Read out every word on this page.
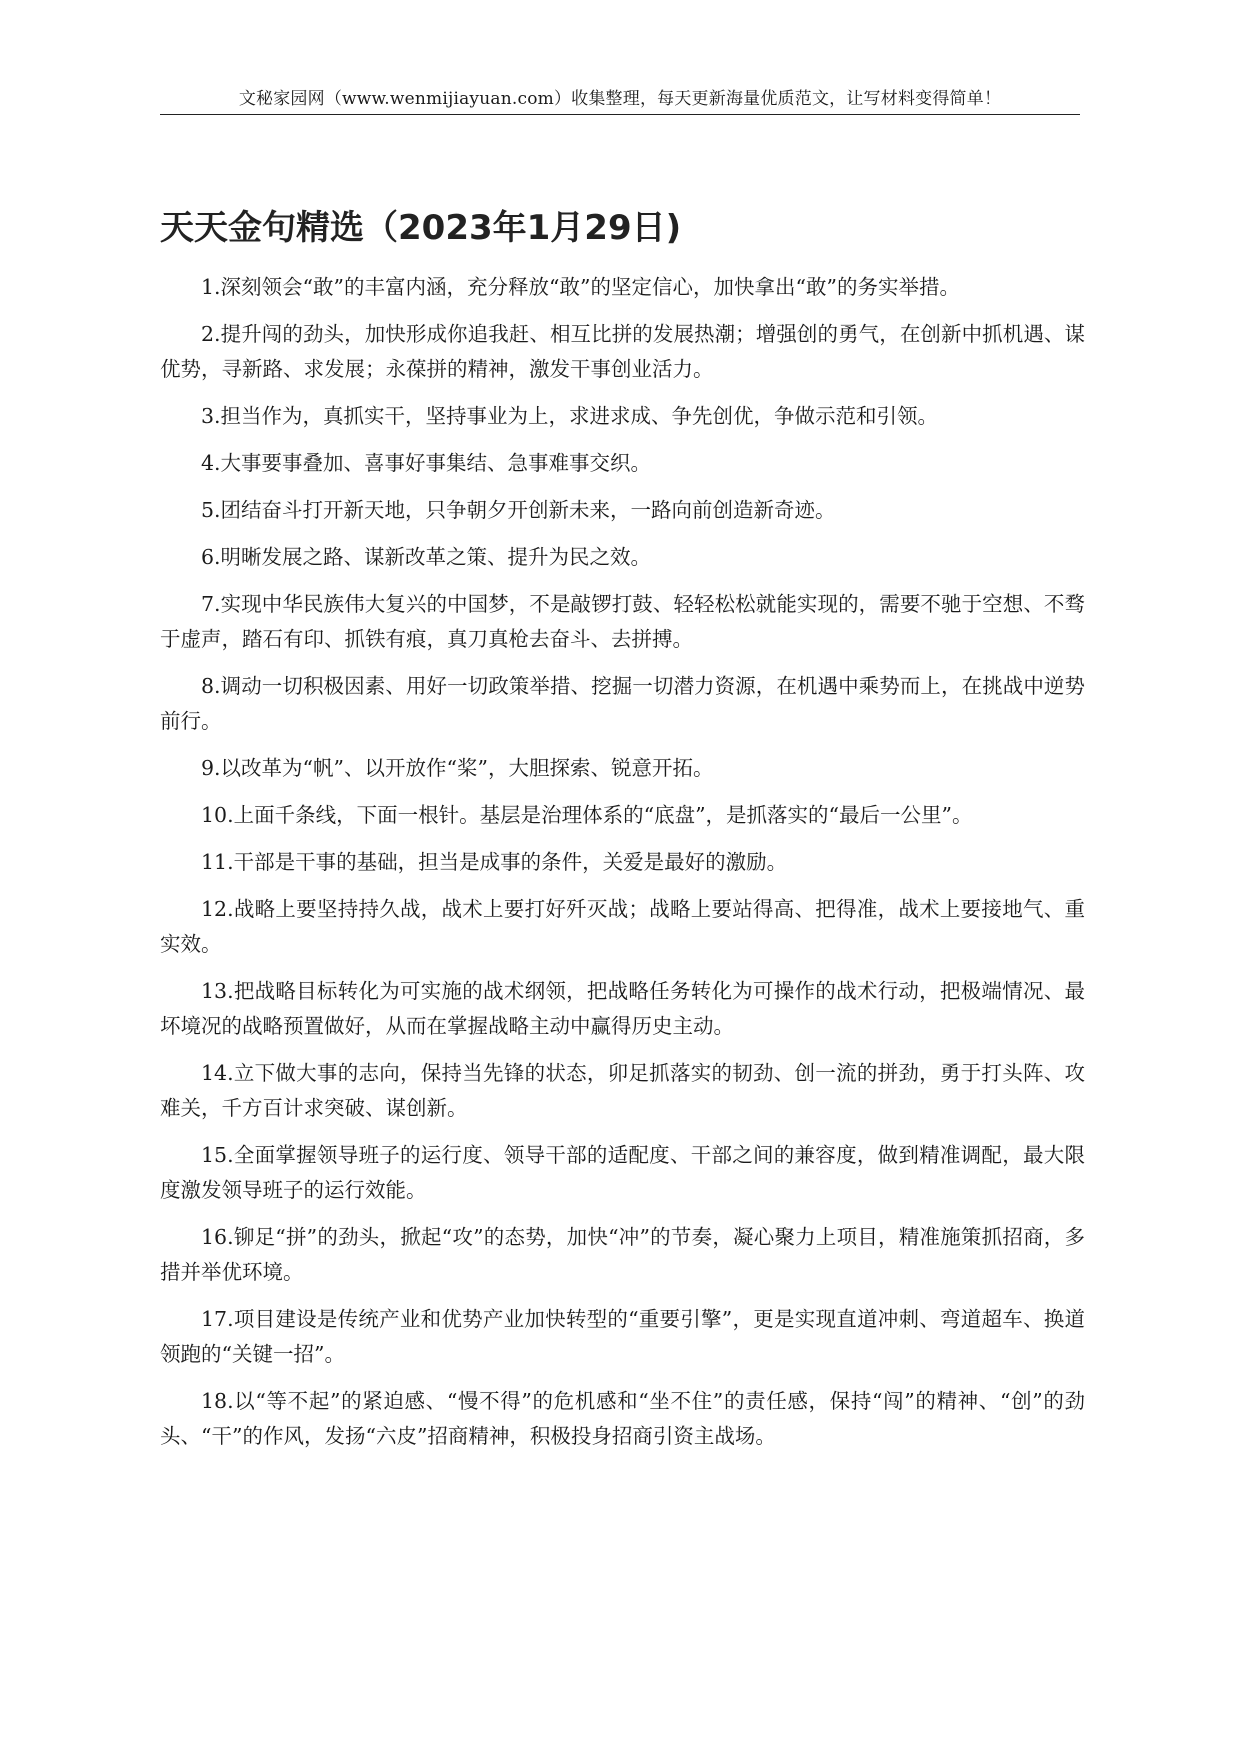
文秘家园网（www.wenmijiayuan.com）收集整理，每天更新海量优质范文，让写材料变得简单！
天天金句精选（2023年1月29日)

1.深刻领会“敢”的丰富内涵，充分释放“敢”的坚定信心，加快拿出“敢”的务实举措。

2.提升闯的劲头，加快形成你追我赶、相互比拼的发展热潮；增强创的勇气，在创新中抓机遇、谋优势，寻新路、求发展；永葆拼的精神，激发干事创业活力。

3.担当作为，真抓实干，坚持事业为上，求进求成、争先创优，争做示范和引领。

4.大事要事叠加、喜事好事集结、急事难事交织。

5.团结奋斗打开新天地，只争朝夕开创新未来，一路向前创造新奇迹。

6.明晰发展之路、谋新改革之策、提升为民之效。

7.实现中华民族伟大复兴的中国梦，不是敲锣打鼓、轻轻松松就能实现的，需要不驰于空想、不骛于虚声，踏石有印、抓铁有痕，真刀真枪去奋斗、去拼搏。

8.调动一切积极因素、用好一切政策举措、挖掘一切潜力资源，在机遇中乘势而上，在挑战中逆势前行。

9.以改革为“帆”、以开放作“桨”，大胆探索、锐意开拓。

10.上面千条线，下面一根针。基层是治理体系的“底盘”，是抓落实的“最后一公里”。

11.干部是干事的基础，担当是成事的条件，关爱是最好的激励。

12.战略上要坚持持久战，战术上要打好歼灭战；战略上要站得高、把得准，战术上要接地气、重实效。

13.把战略目标转化为可实施的战术纲领，把战略任务转化为可操作的战术行动，把极端情况、最坏境况的战略预置做好，从而在掌握战略主动中赢得历史主动。

14.立下做大事的志向，保持当先锋的状态，卯足抓落实的韧劲、创一流的拼劲，勇于打头阵、攻难关，千方百计求突破、谋创新。

15.全面掌握领导班子的运行度、领导干部的适配度、干部之间的兼容度，做到精准调配，最大限度激发领导班子的运行效能。

16.铆足“拼”的劲头，掀起“攻”的态势，加快“冲”的节奏，凝心聚力上项目，精准施策抓招商，多措并举优环境。

17.项目建设是传统产业和优势产业加快转型的“重要引擎”，更是实现直道冲刺、弯道超车、换道领跑的“关键一招”。

18.以“等不起”的紧迫感、“慢不得”的危机感和“坐不住”的责任感，保持“闯”的精神、“创”的劲头、“干”的作风，发扬“六皮”招商精神，积极投身招商引资主战场。
